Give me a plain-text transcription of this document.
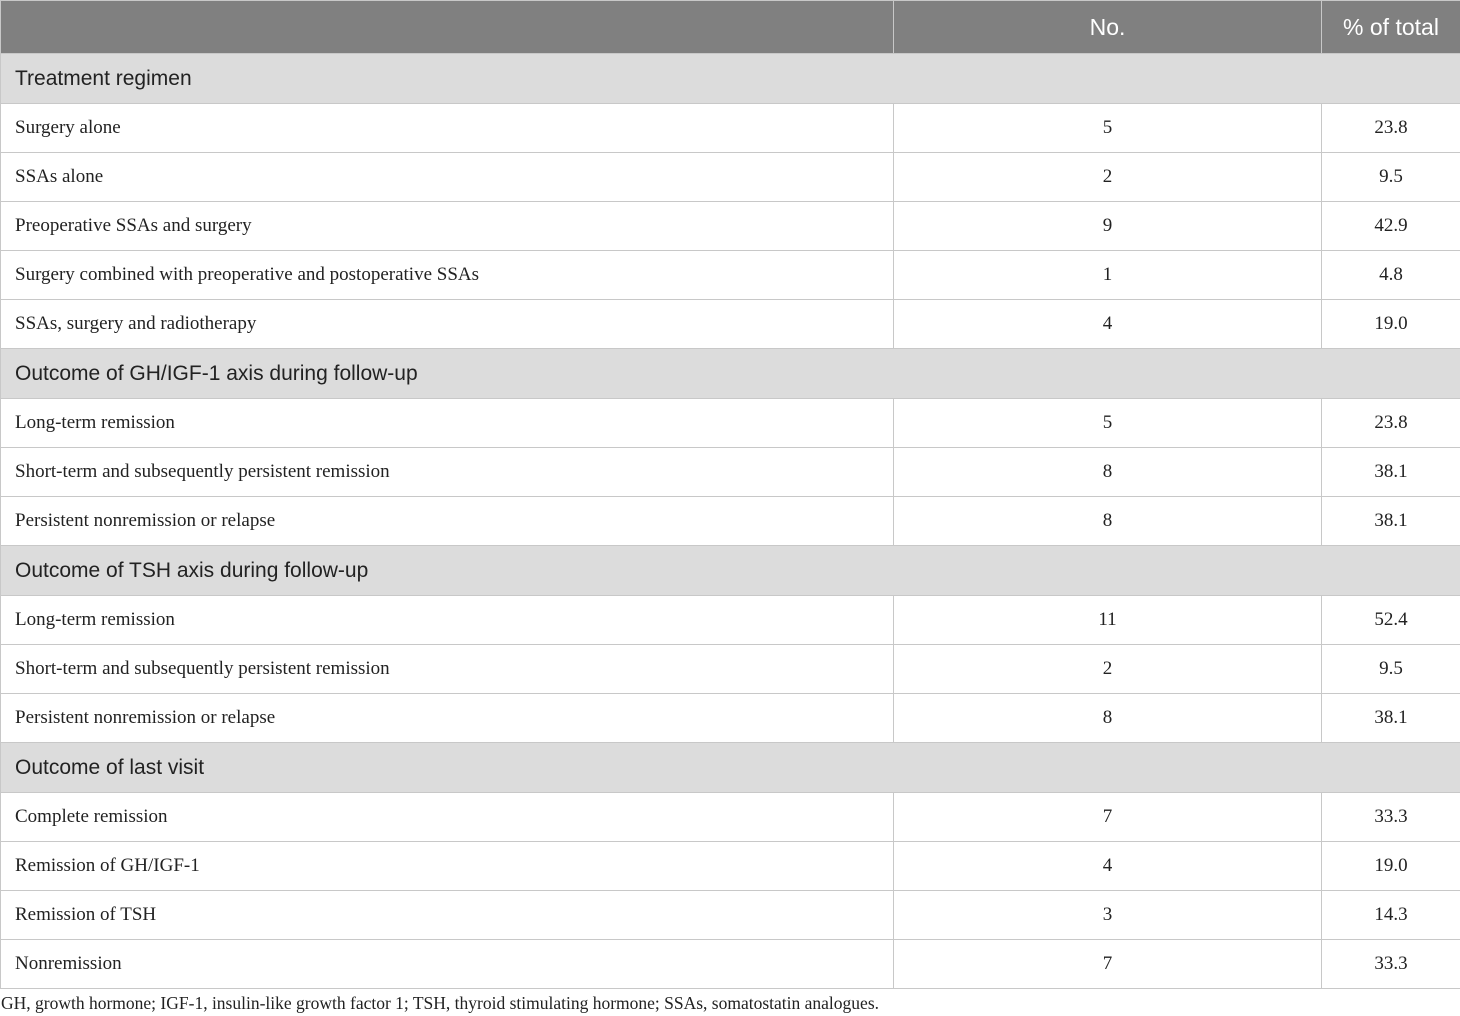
	No.	% of total
Treatment regimen		
Surgery alone	5	23.8
SSAs alone	2	9.5
Preoperative SSAs and surgery	9	42.9
Surgery combined with preoperative and postoperative SSAs	1	4.8
SSAs, surgery and radiotherapy	4	19.0
Outcome of GH/IGF-1 axis during follow-up		
Long-term remission	5	23.8
Short-term and subsequently persistent remission	8	38.1
Persistent nonremission or relapse	8	38.1
Outcome of TSH axis during follow-up		
Long-term remission	11	52.4
Short-term and subsequently persistent remission	2	9.5
Persistent nonremission or relapse	8	38.1
Outcome of last visit		
Complete remission	7	33.3
Remission of GH/IGF-1	4	19.0
Remission of TSH	3	14.3
Nonremission	7	33.3
GH, growth hormone; IGF-1, insulin-like growth factor 1; TSH, thyroid stimulating hormone; SSAs, somatostatin analogues.
